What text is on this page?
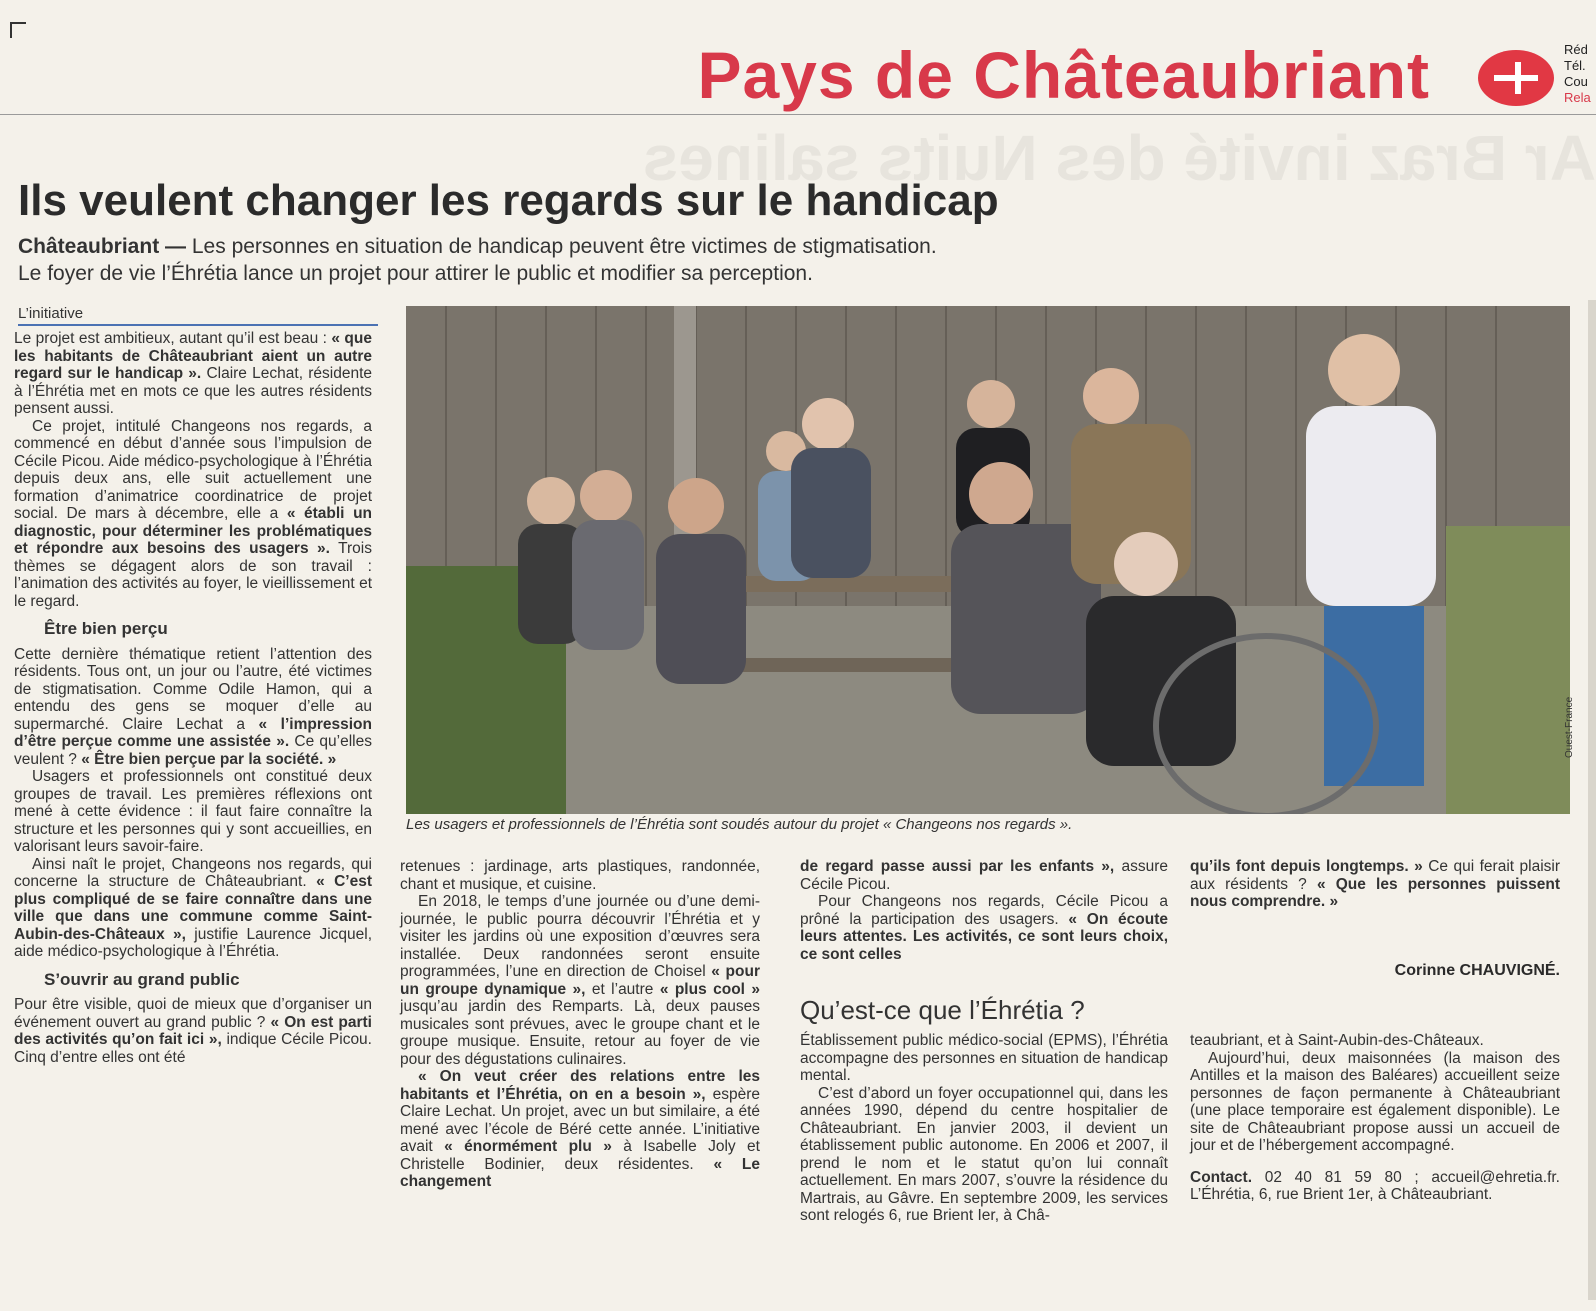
Pays de Châteaubriant	Réd
Tél.
Cou
Rela
Ar Braz invité des Nuits salines
Ils veulent changer les regards sur le handicap
Châteaubriant — Les personnes en situation de handicap peuvent être victimes de stigmatisation.
Le foyer de vie l’Éhrétia lance un projet pour attirer le public et modifier sa perception.
L’initiative

Le projet est ambitieux, autant qu’il est beau : « que les habitants de Châteaubriant aient un autre regard sur le handicap ». Claire Lechat, résidente à l’Éhrétia met en mots ce que les autres résidents pensent aussi.

Ce projet, intitulé Changeons nos regards, a commencé en début d’année sous l’impulsion de Cécile Picou. Aide médico-psychologique à l’Éhrétia depuis deux ans, elle suit actuellement une formation d’animatrice coordinatrice de projet social. De mars à décembre, elle a « établi un diagnostic, pour déterminer les problématiques et répondre aux besoins des usagers ». Trois thèmes se dégagent alors de son travail : l’animation des activités au foyer, le vieillissement et le regard.

Être bien perçu

Cette dernière thématique retient l’attention des résidents. Tous ont, un jour ou l’autre, été victimes de stigmatisation. Comme Odile Hamon, qui a entendu des gens se moquer d’elle au supermarché. Claire Lechat a « l’impression d’être perçue comme une assistée ». Ce qu’elles veulent ? « Être bien perçue par la société. »

Usagers et professionnels ont constitué deux groupes de travail. Les premières réflexions ont mené à cette évidence : il faut faire connaître la structure et les personnes qui y sont accueillies, en valorisant leurs savoir-faire.

Ainsi naît le projet, Changeons nos regards, qui concerne la structure de Châteaubriant. « C’est plus compliqué de se faire connaître dans une ville que dans une commune comme Saint-Aubin-des-Châteaux », justifie Laurence Jicquel, aide médico-psychologique à l’Éhrétia.

S’ouvrir au grand public

Pour être visible, quoi de mieux que d’organiser un événement ouvert au grand public ? « On est parti des activités qu’on fait ici », indique Cécile Picou. Cinq d’entre elles ont été

Ouest-France
Les usagers et professionnels de l’Éhrétia sont soudés autour du projet « Changeons nos regards ».

retenues : jardinage, arts plastiques, randonnée, chant et musique, et cuisine.

En 2018, le temps d’une journée ou d’une demi-journée, le public pourra découvrir l’Éhrétia et y visiter les jardins où une exposition d’œuvres sera installée. Deux randonnées seront ensuite programmées, l’une en direction de Choisel « pour un groupe dynamique », et l’autre « plus cool » jusqu’au jardin des Remparts. Là, deux pauses musicales sont prévues, avec le groupe chant et le groupe musique. Ensuite, retour au foyer de vie pour des dégustations culinaires.

« On veut créer des relations entre les habitants et l’Éhrétia, on en a besoin », espère Claire Lechat. Un projet, avec un but similaire, a été mené avec l’école de Béré cette année. L’initiative avait « énormément plu » à Isabelle Joly et Christelle Bodinier, deux résidentes. « Le changement

de regard passe aussi par les enfants », assure Cécile Picou.

Pour Changeons nos regards, Cécile Picou a prôné la participation des usagers. « On écoute leurs attentes. Les activités, ce sont leurs choix, ce sont celles

qu’ils font depuis longtemps. » Ce qui ferait plaisir aux résidents ? « Que les personnes puissent nous comprendre. »

Corinne CHAUVIGNÉ.
Qu’est-ce que l’Éhrétia ?

Établissement public médico-social (EPMS), l’Éhrétia accompagne des personnes en situation de handicap mental.

C’est d’abord un foyer occupationnel qui, dans les années 1990, dépend du centre hospitalier de Châteaubriant. En janvier 2003, il devient un établissement public autonome. En 2006 et 2007, il prend le nom et le statut qu’on lui connaît actuellement. En mars 2007, s’ouvre la résidence du Martrais, au Gâvre. En septembre 2009, les services sont relogés 6, rue Brient Ier, à Châ-

teaubriant, et à Saint-Aubin-des-Châteaux.

Aujourd’hui, deux maisonnées (la maison des Antilles et la maison des Baléares) accueillent seize personnes de façon permanente à Châteaubriant (une place temporaire est également disponible). Le site de Châteaubriant propose aussi un accueil de jour et de l’hébergement accompagné.

Contact. 02 40 81 59 80 ; accueil@ehretia.fr. L’Éhrétia, 6, rue Brient 1er, à Châteaubriant.
